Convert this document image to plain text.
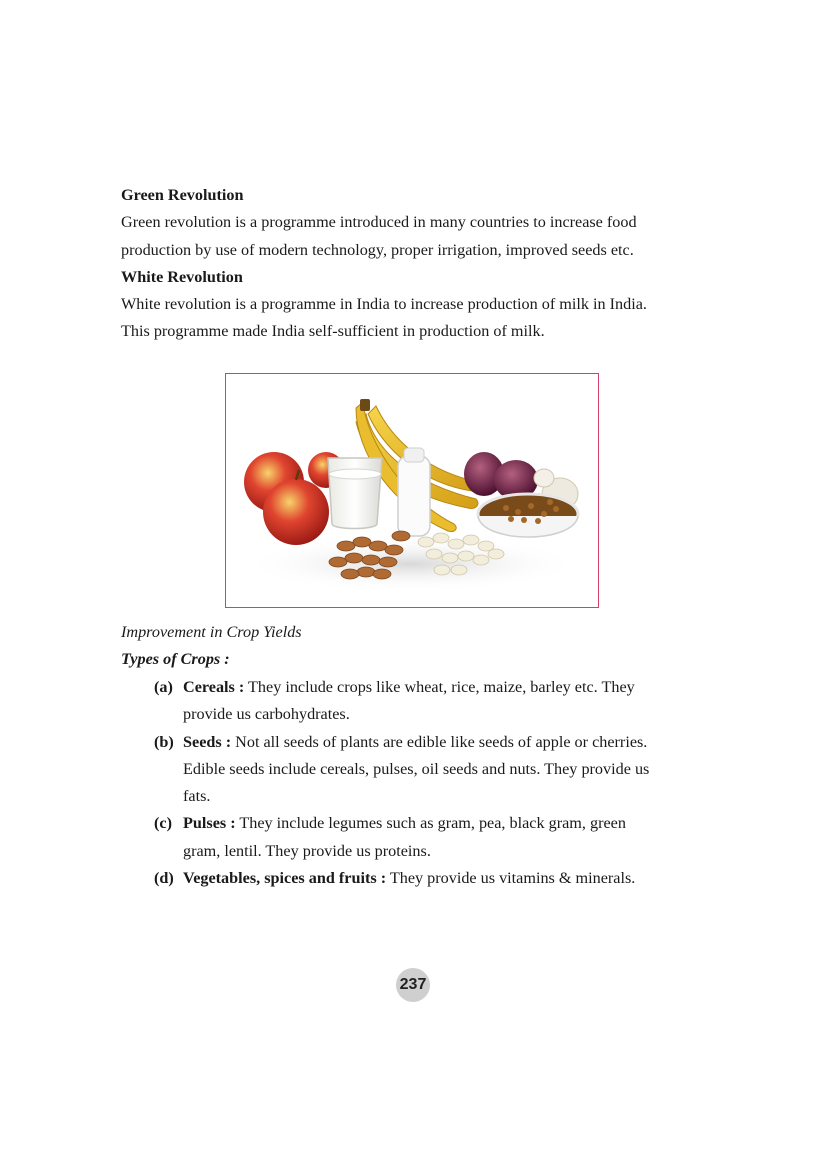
Green Revolution
Green revolution is a programme introduced in many countries to increase food
production by use of modern technology, proper irrigation, improved seeds etc.
White Revolution
White revolution is a programme in India to increase production of milk in India.
This programme made India self-sufficient in production of milk.
Improvement in Crop Yields
Types of Crops :
(a) Cereals : They include crops like wheat, rice, maize, barley etc. They
provide us carbohydrates.
(b) Seeds : Not all seeds of plants are edible like seeds of apple or cherries.
Edible seeds include cereals, pulses, oil seeds and nuts. They provide us
fats.
(c) Pulses : They include legumes such as gram, pea, black gram, green
gram, lentil. They provide us proteins.
(d) Vegetables, spices and fruits : They provide us vitamins & minerals.
237
